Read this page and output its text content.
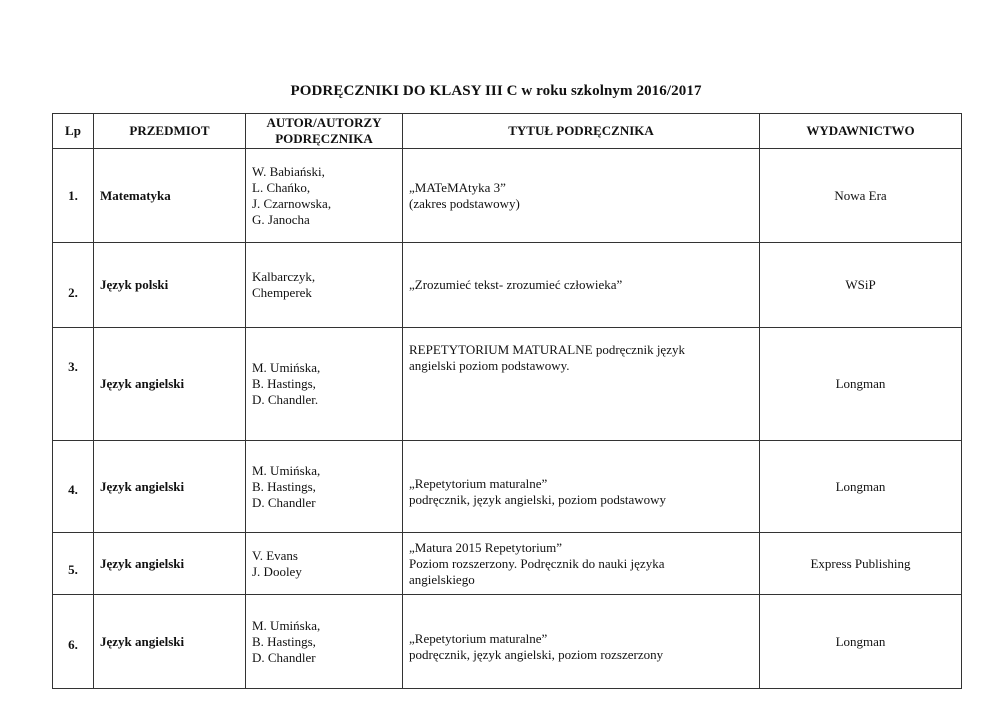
PODRĘCZNIKI DO KLASY III C w roku szkolnym 2016/2017
Lp	PRZEDMIOT	AUTOR/AUTORZY
PODRĘCZNIKA	TYTUŁ PODRĘCZNIKA	WYDAWNICTWO
1.	Matematyka	W. Babiański,
L. Chańko,
J. Czarnowska,
G. Janocha	„MATeMAtyka 3”
(zakres podstawowy)	Nowa Era
2.	Język polski	Kalbarczyk,
Chemperek	„Zrozumieć tekst- zrozumieć człowieka”	WSiP
3.	Język angielski	M. Umińska,
B. Hastings,
D. Chandler.	REPETYTORIUM MATURALNE podręcznik język
angielski poziom podstawowy.	Longman
4.	Język angielski	M. Umińska,
B. Hastings,
D. Chandler	„Repetytorium maturalne”
podręcznik, język angielski, poziom podstawowy	Longman
5.	Język angielski	V. Evans
J. Dooley	„Matura 2015 Repetytorium”
Poziom rozszerzony. Podręcznik do nauki języka
angielskiego	Express Publishing
6.	Język angielski	M. Umińska,
B. Hastings,
D. Chandler	„Repetytorium maturalne”
podręcznik, język angielski, poziom rozszerzony	Longman
